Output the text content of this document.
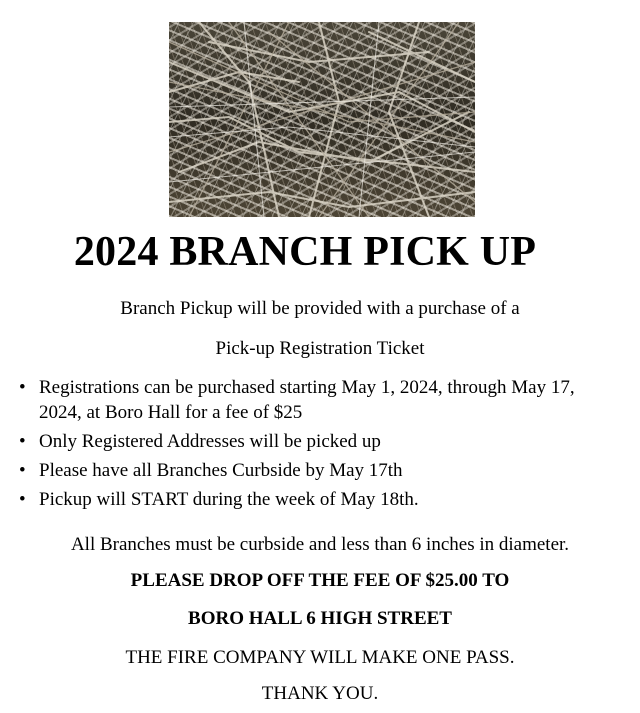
2024 BRANCH PICK UP

Branch Pickup will be provided with a purchase of a

Pick-up Registration Ticket

• Registrations can be purchased starting May 1, 2024, through May 17, 2024, at Boro Hall for a fee of $25
• Only Registered Addresses will be picked up
• Please have all Branches Curbside by May 17th
• Pickup will START during the week of May 18th.

All Branches must be curbside and less than 6 inches in diameter.

PLEASE DROP OFF THE FEE OF $25.00 TO

BORO HALL 6 HIGH STREET

THE FIRE COMPANY WILL MAKE ONE PASS.

THANK YOU.
